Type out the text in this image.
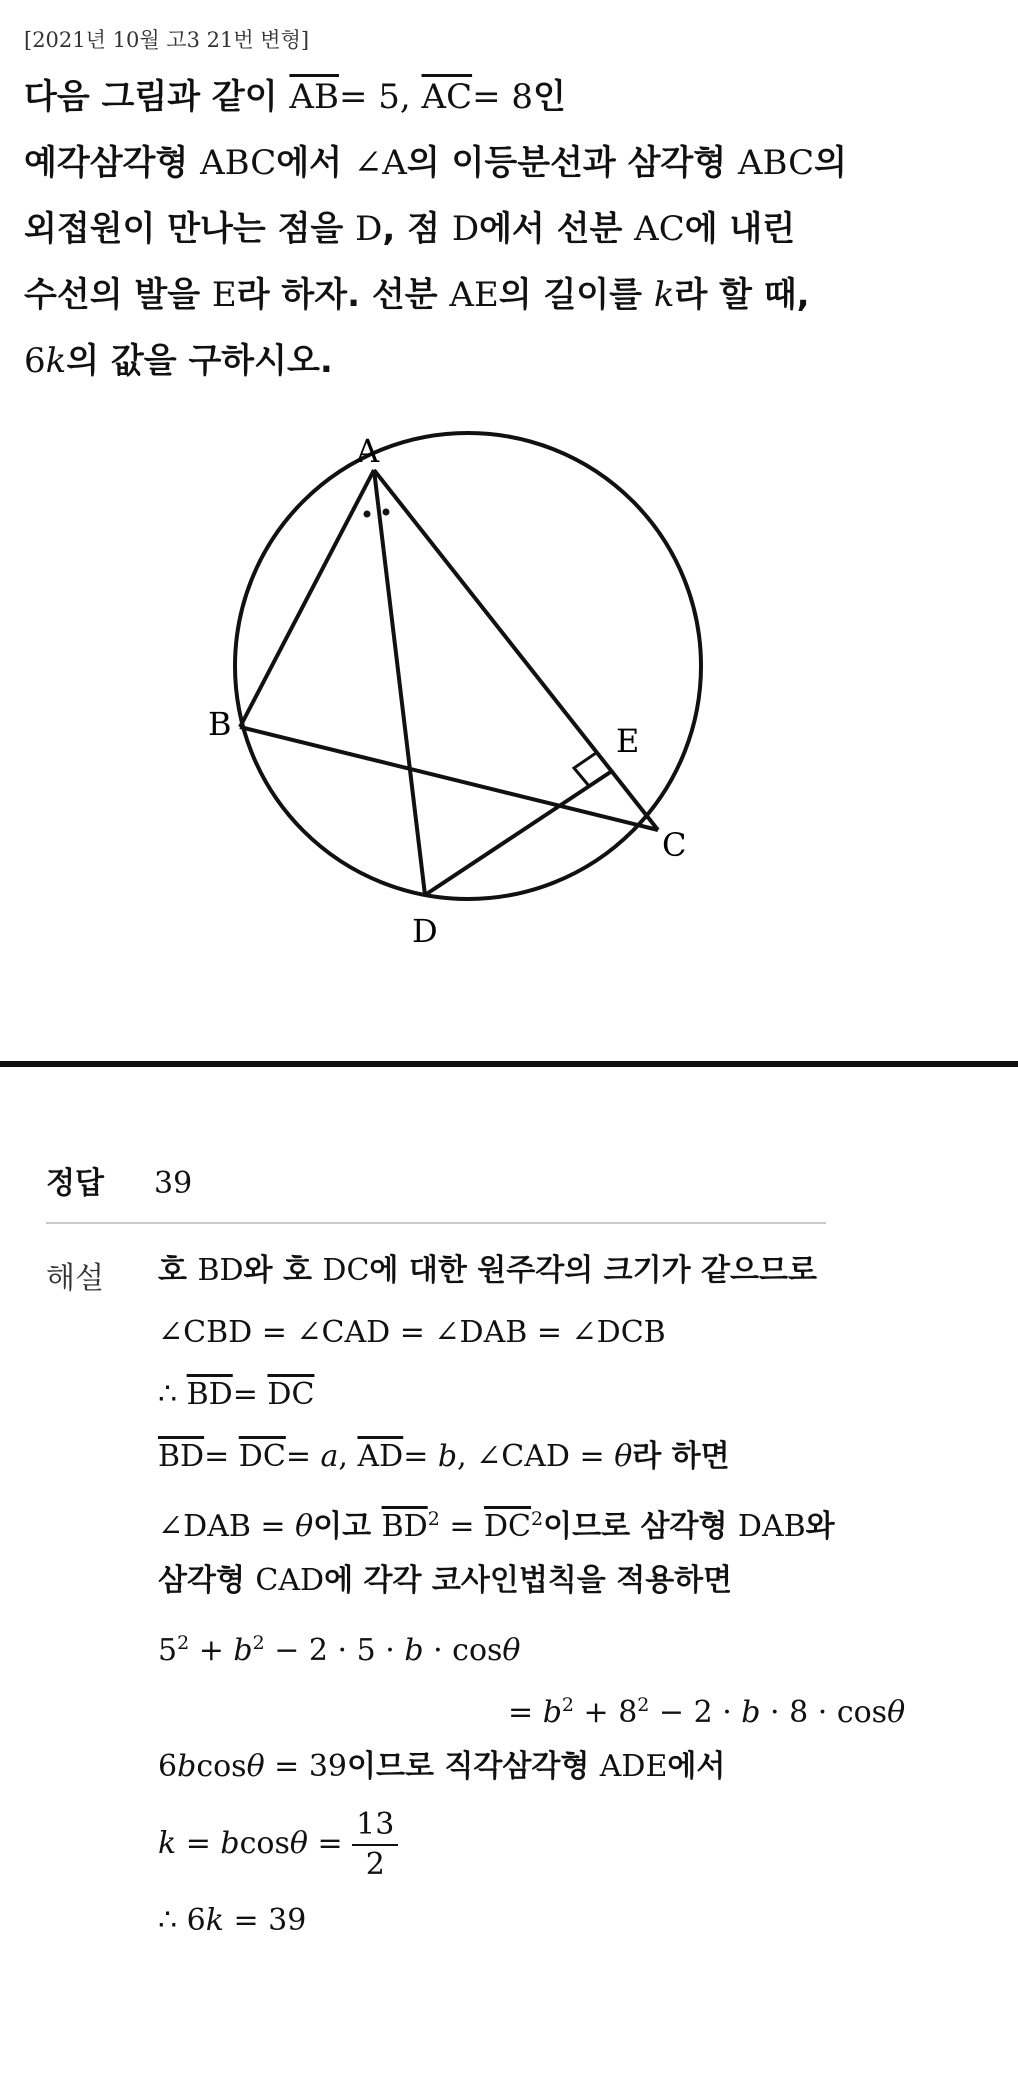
[2021년 10월 고3 21번 변형]
다음 그림과 같이 $\overline{AB}= 5$, $\overline{AC}= 8$인
예각삼각형 ABC에서 ∠A의 이등분선과 삼각형 ABC의
외접원이 만나는 점을 D, 점 D에서 선분 AC에 내린
수선의 발을 E라 하자. 선분 AE의 길이를 k라 할 때,
6k의 값을 구하시오.
A
B
C
D
E
정답 39
해설 호 BD와 호 DC에 대한 원주각의 크기가 같으므로
∠CBD = ∠CAD = ∠DAB = ∠DCB
∴ $\overline{BD}= \overline{DC}$
$\overline{BD}= \overline{DC}= a$, $\overline{AD}= b$, ∠CAD = θ라 하면
∠DAB = θ이고 $\overline{BD}^2 = \overline{DC}^2$이므로 삼각형 DAB와
삼각형 CAD에 각각 코사인법칙을 적용하면
$5^2 + b^2 - 2 \cdot 5 \cdot b \cdot \cos\theta$
= $b^2 + 8^2 - 2 \cdot b \cdot 8 \cdot \cos\theta$
6bcosθ = 39이므로 직각삼각형 ADE에서
$k = bcos\theta = \frac{13}{2}$
∴ 6k = 39
